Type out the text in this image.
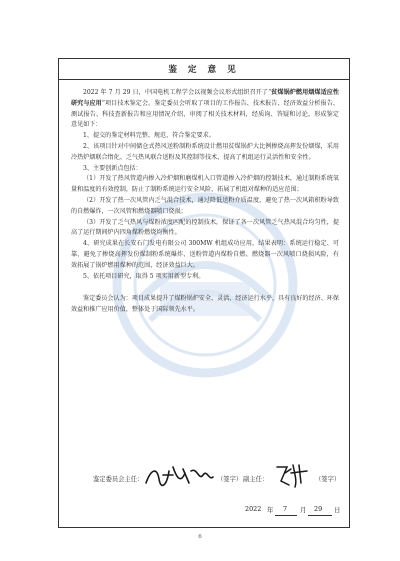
鉴 定 意 见

2022 年 7 月 29 日，中国电机工程学会以视频会议形式组织召开了“贫煤锅炉燃用烟煤适应性研究与应用”项目技术鉴定会。鉴定委员会听取了项目的工作报告、技术报告、经济效益分析报告、测试报告、科技查新报告和应用情况介绍，审阅了相关技术材料，经质询、答疑和讨论，形成鉴定意见如下：

1、提交的鉴定材料完整、规范，符合鉴定要求。

2、该项目针对中间储仓式热风送粉制粉系统设计燃用贫煤锅炉大比例掺烧高挥发份烟煤，采用冷热炉烟联合惰化、乏气热风联合送粉及其控制等技术，提高了机组运行灵活性和安全性。

3、主要创新点包括：

（1）开发了热风管道内掺入冷炉烟和磨煤机入口管道掺入冷炉烟的控制技术，通过制粉系统氧量和温度的有效控制，防止了制粉系统运行安全风险，拓展了机组对煤种的适应范围；

（2）开发了热一次风管内乏气混合技术，通过降低送粉介质温度，避免了热一次风箱积粉导致的自燃爆炸，一次风管和燃烧器喷口烧损；

（3）开发了乏气热风与煤粉浓度匹配的控制技术，保证了各一次风管乏气热风混合均匀性，提高了运行期间炉内四角煤粉燃烧均衡性。

4、研究成果在长安石门发电有限公司 300MW 机组成功应用，结果表明：系统运行稳定、可靠，避免了掺烧高挥发份煤制粉系统爆炸、送粉管道内煤粉自燃、燃烧器一次风喷口烧损风险，有效拓展了锅炉燃用煤种的范围，经济效益巨大。

5、依托项目研究，取得 5 项实用新型专利。

鉴定委员会认为：项目成果提升了煤粉锅炉安全、灵活、经济运行水平，具有良好的经济、环保效益和推广应用价值，整体处于国际领先水平。

鉴定委员会主任：	（签字） 副主任：	（签字）
2022 年 7 月 29 日
6
